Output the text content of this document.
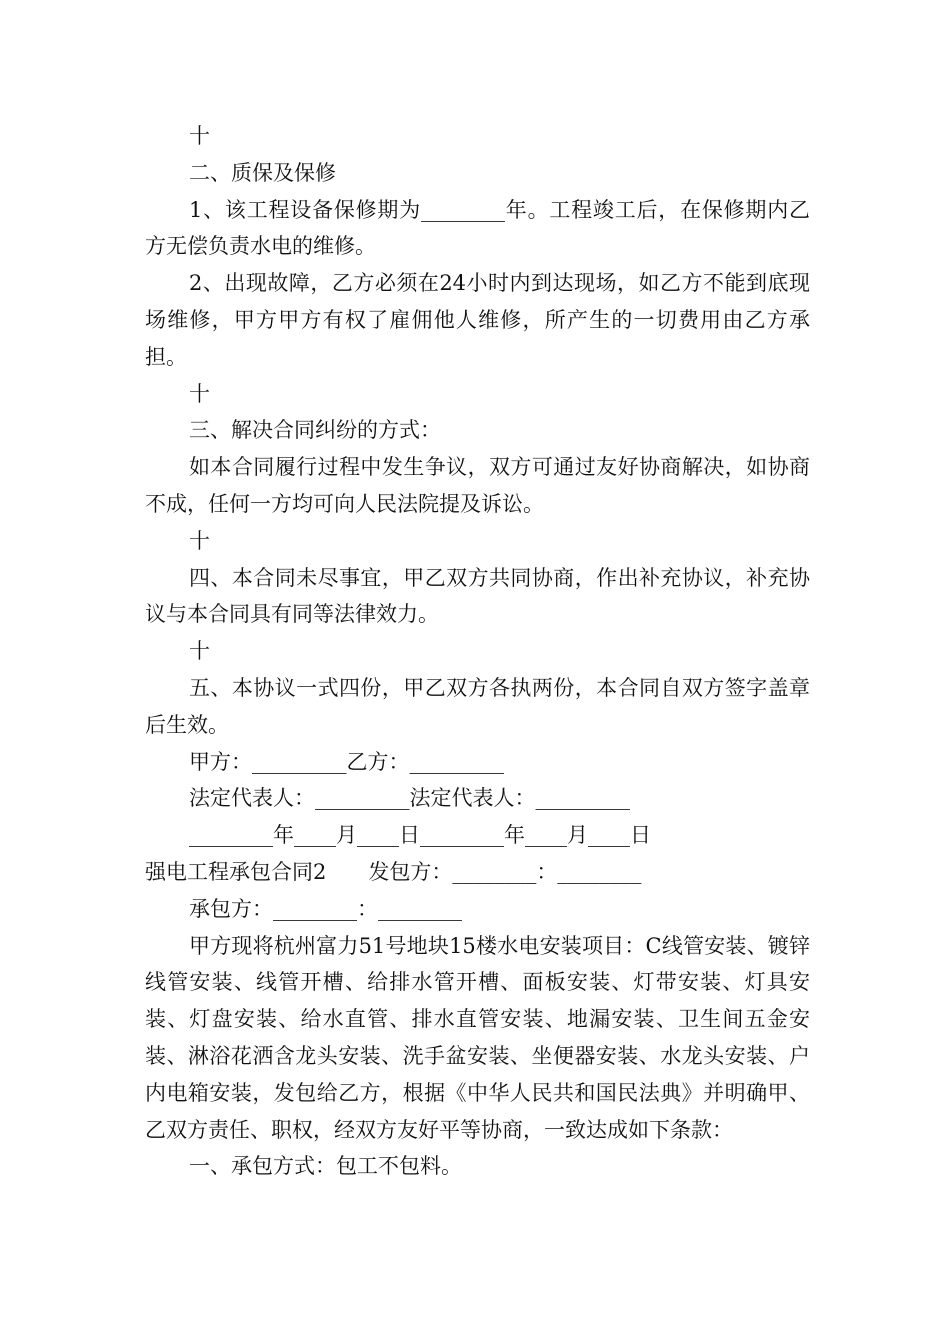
十

二、质保及保修

1、该工程设备保修期为________年。工程竣工后，在保修期内乙方无偿负责水电的维修。

2、出现故障，乙方必须在24小时内到达现场，如乙方不能到底现场维修，甲方甲方有权了雇佣他人维修，所产生的一切费用由乙方承担。

十

三、解决合同纠纷的方式：

如本合同履行过程中发生争议，双方可通过友好协商解决，如协商不成，任何一方均可向人民法院提及诉讼。

十

四、本合同未尽事宜，甲乙双方共同协商，作出补充协议，补充协议与本合同具有同等法律效力。

十

五、本协议一式四份，甲乙双方各执两份，本合同自双方签字盖章后生效。

甲方：_________乙方：_________

法定代表人：_________法定代表人：_________

________年____月____日________年____月____日

强电工程承包合同2　　发包方：________：________

承包方：________：________

甲方现将杭州富力51号地块15楼水电安装项目：C线管安装、镀锌线管安装、线管开槽、给排水管开槽、面板安装、灯带安装、灯具安装、灯盘安装、给水直管、排水直管安装、地漏安装、卫生间五金安装、淋浴花洒含龙头安装、洗手盆安装、坐便器安装、水龙头安装、户内电箱安装，发包给乙方，根据《中华人民共和国民法典》并明确甲、乙双方责任、职权，经双方友好平等协商，一致达成如下条款：

一、承包方式：包工不包料。
